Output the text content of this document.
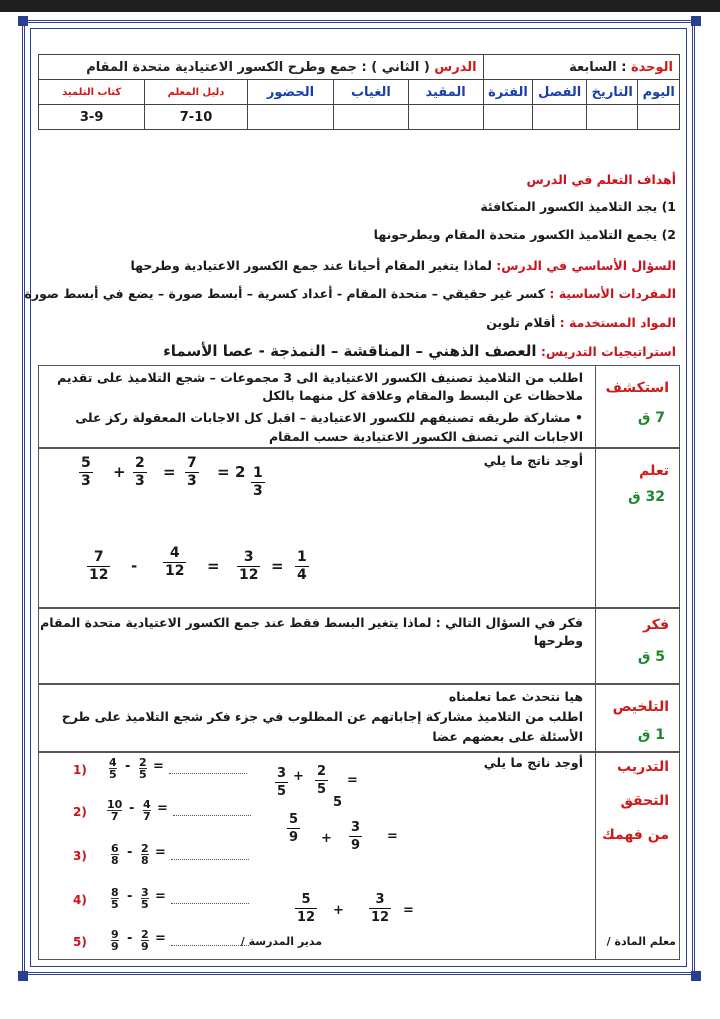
الوحدة : السابعة				الدرس ( الثاني ) : جمع وطرح الكسور الاعتيادية متحدة المقام				
اليوم	التاريخ	الفصل	الفترة	المقيد	الغياب	الحضور	دليل المعلم	كتاب التلميذ
							7-10	3-9
أهداف التعلم في الدرس
1) يجد التلاميذ الكسور المتكافئة
2) يجمع التلاميذ الكسور متحدة المقام ويطرحونها
السؤال الأساسي في الدرس: لماذا يتغير المقام أحيانا عند جمع الكسور الاعتيادية وطرحها
المفردات الأساسية : كسر غير حقيقي – متحدة المقام - أعداد كسرية – أبسط صورة – يضع في أبسط صورة
المواد المستخدمة : أقلام تلوين
استراتيجيات التدريس: العصف الذهني – المناقشة – النمذجة - عصا الأسماء
استكشف
7 ق
اطلب من التلاميذ تصنيف الكسور الاعتيادية الى 3 مجموعات – شجع التلاميذ على تقديم
ملاحظات عن البسط والمقام وعلاقة كل منهما بالكل
• مشاركة طريقه تصنيفهم للكسور الاعتيادية – اقبل كل الاجابات المعقولة ركز على
الاجابات التي تصنف الكسور الاعتيادية حسب المقام
تعلم
32 ق
أوجد ناتج ما يلي
$\frac{5}{3} + \frac{2}{3} = \frac{7}{3} = 2 \frac{1}{3}$
$\frac{7}{12} - \frac{4}{12} = \frac{3}{12} = \frac{1}{4}$
فكر
5 ق
فكر في السؤال التالي : لماذا يتغير البسط فقط عند جمع الكسور الاعتيادية متحدة المقام
وطرحها
التلخيص
1 ق
هيا نتحدث عما تعلمناه
اطلب من التلاميذ مشاركة إجاباتهم عن المطلوب في جزء فكر شجع التلاميذ على طرح
الأسئلة على بعضهم عضا
التدريب
التحقق
من فهمك
أوجد ناتج ما يلي
$1) \frac{4}{5} - \frac{2}{5}$ =
$2) \frac{10}{7} - \frac{4}{7}$ =
$3) \frac{6}{8} - \frac{2}{8}$ =
$4) \frac{8}{5} - \frac{3}{5}$ =
$5) \frac{9}{9} - \frac{2}{9}$ =
$\frac{3}{5} + \frac{2}{5}$ =
5
$\frac{5}{9} + \frac{3}{9}$ =
$\frac{5}{12} + \frac{3}{12}$ =
معلم المادة /
مدير المدرسة /
